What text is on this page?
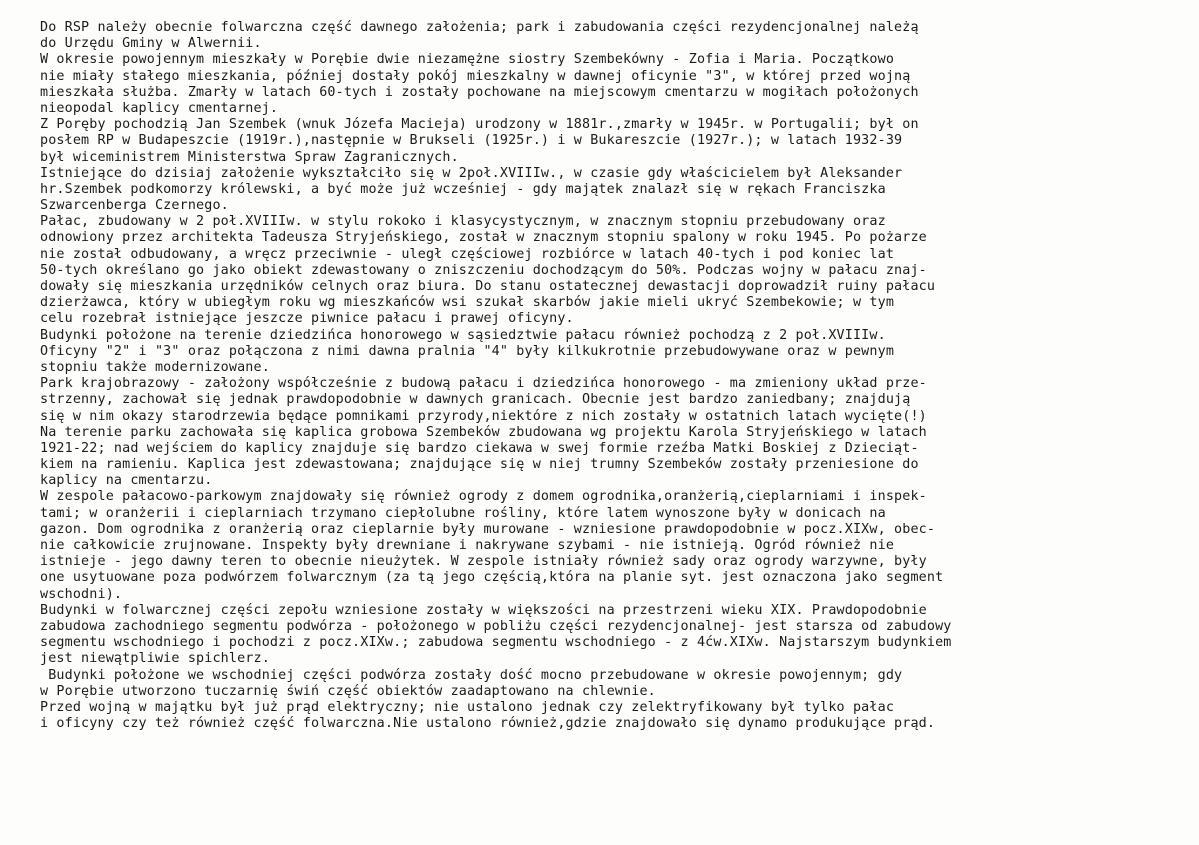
Do RSP należy obecnie folwarczna część dawnego założenia; park i zabudowania części rezydencjonalnej należą
do Urzędu Gminy w Alwernii.
W okresie powojennym mieszkały w Porębie dwie niezamężne siostry Szembekówny - Zofia i Maria. Początkowo
nie miały stałego mieszkania, później dostały pokój mieszkalny w dawnej oficynie "3", w której przed wojną
mieszkała służba. Zmarły w latach 60-tych i zostały pochowane na miejscowym cmentarzu w mogiłach położonych
nieopodal kaplicy cmentarnej.
Z Poręby pochodzią Jan Szembek (wnuk Józefa Macieja) urodzony w 1881r.,zmarły w 1945r. w Portugalii; był on
posłem RP w Budapeszcie (1919r.),następnie w Brukseli (1925r.) i w Bukareszcie (1927r.); w latach 1932-39
był wiceministrem Ministerstwa Spraw Zagranicznych.
Istniejące do dzisiaj założenie wykształciło się w 2poł.XVIIIw., w czasie gdy właścicielem był Aleksander
hr.Szembek podkomorzy królewski, a być może już wcześniej - gdy majątek znalazł się w rękach Franciszka
Szwarcenberga Czernego.
Pałac, zbudowany w 2 poł.XVIIIw. w stylu rokoko i klasycystycznym, w znacznym stopniu przebudowany oraz
odnowiony przez architekta Tadeusza Stryjeńskiego, został w znacznym stopniu spalony w roku 1945. Po pożarze
nie został odbudowany, a wręcz przeciwnie - uległ częściowej rozbiórce w latach 40-tych i pod koniec lat
50-tych określano go jako obiekt zdewastowany o zniszczeniu dochodzącym do 50%. Podczas wojny w pałacu znaj-
dowały się mieszkania urzędników celnych oraz biura. Do stanu ostatecznej dewastacji doprowadził ruiny pałacu
dzierżawca, który w ubiegłym roku wg mieszkańców wsi szukał skarbów jakie mieli ukryć Szembekowie; w tym
celu rozebrał istniejące jeszcze piwnice pałacu i prawej oficyny.
Budynki położone na terenie dziedzińca honorowego w sąsiedztwie pałacu również pochodzą z 2 poł.XVIIIw.
Oficyny "2" i "3" oraz połączona z nimi dawna pralnia "4" były kilkukrotnie przebudowywane oraz w pewnym
stopniu także modernizowane.
Park krajobrazowy - założony współcześnie z budową pałacu i dziedzińca honorowego - ma zmieniony układ prze-
strzenny, zachował się jednak prawdopodobnie w dawnych granicach. Obecnie jest bardzo zaniedbany; znajdują
się w nim okazy starodrzewia będące pomnikami przyrody,niektóre z nich zostały w ostatnich latach wycięte(!)
Na terenie parku zachowała się kaplica grobowa Szembeków zbudowana wg projektu Karola Stryjeńskiego w latach
1921-22; nad wejściem do kaplicy znajduje się bardzo ciekawa w swej formie rzeźba Matki Boskiej z Dzieciąt-
kiem na ramieniu. Kaplica jest zdewastowana; znajdujące się w niej trumny Szembeków zostały przeniesione do
kaplicy na cmentarzu.
W zespole pałacowo-parkowym znajdowały się również ogrody z domem ogrodnika,oranżerią,cieplarniami i inspek-
tami; w oranżerii i cieplarniach trzymano ciepłolubne rośliny, które latem wynoszone były w donicach na
gazon. Dom ogrodnika z oranżerią oraz cieplarnie były murowane - wzniesione prawdopodobnie w pocz.XIXw, obec-
nie całkowicie zrujnowane. Inspekty były drewniane i nakrywane szybami - nie istnieją. Ogród również nie
istnieje - jego dawny teren to obecnie nieużytek. W zespole istniały również sady oraz ogrody warzywne, były
one usytuowane poza podwórzem folwarcznym (za tą jego częścią,która na planie syt. jest oznaczona jako segment
wschodni).
Budynki w folwarcznej części zepołu wzniesione zostały w większości na przestrzeni wieku XIX. Prawdopodobnie
zabudowa zachodniego segmentu podwórza - położonego w pobliżu części rezydencjonalnej- jest starsza od zabudowy
segmentu wschodniego i pochodzi z pocz.XIXw.; zabudowa segmentu wschodniego - z 4ćw.XIXw. Najstarszym budynkiem
jest niewątpliwie spichlerz.
Budynki położone we wschodniej części podwórza zostały dość mocno przebudowane w okresie powojennym; gdy
w Porębie utworzono tuczarnię świń część obiektów zaadaptowano na chlewnie.
Przed wojną w majątku był już prąd elektryczny; nie ustalono jednak czy zelektryfikowany był tylko pałac
i oficyny czy też również część folwarczna.Nie ustalono również,gdzie znajdowało się dynamo produkujące prąd.
